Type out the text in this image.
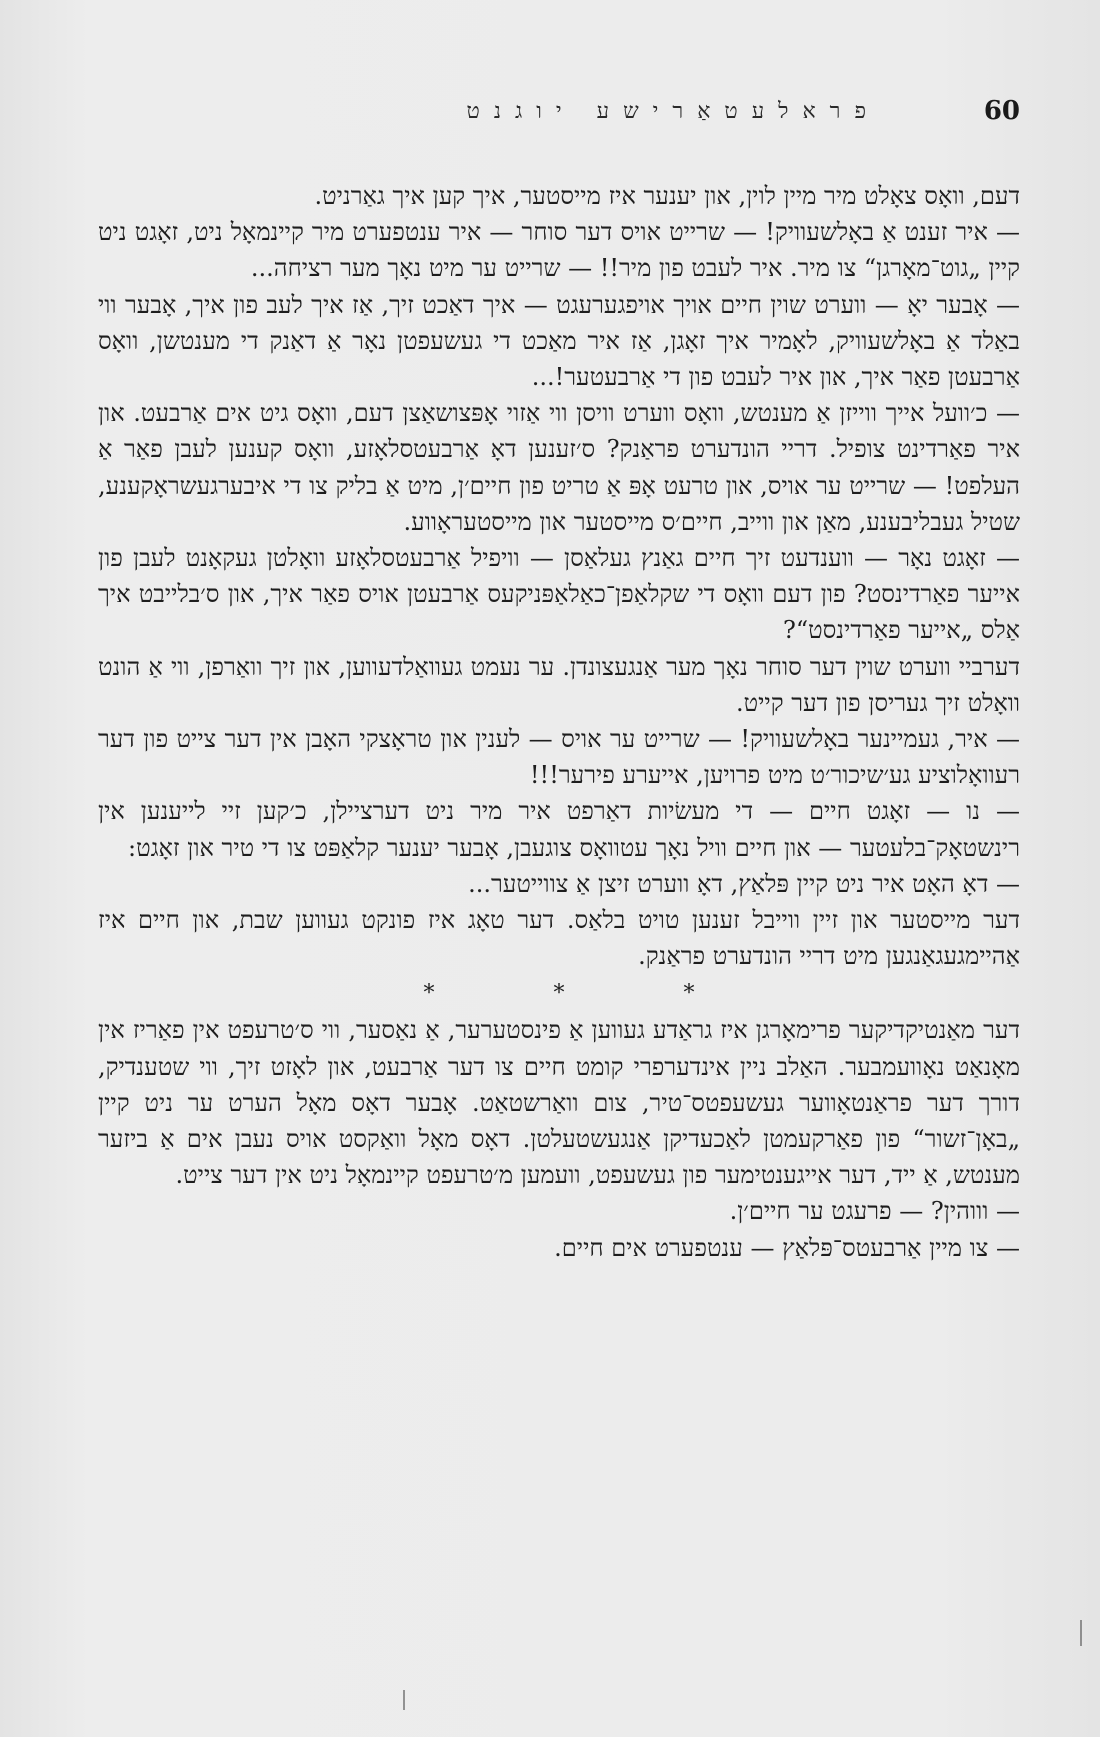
פראלעטאַרישע יוגנט	60

דעם, וואָס צאָלט מיר מיין לוין, און יענער איז מייסטער, איך קען איך גאַרניט.

— איר זענט אַ באָלשעוויק! — שרייט אויס דער סוחר — איר ענטפערט מיר קיינמאָל ניט, זאָגט ניט קיין „גוט־מאָרגן“ צו מיר. איר לעבט פון מיר!! — שרייט ער מיט נאָך מער רציחה...

— אָבער יאָ — ווערט שוין חיים אויך אויפגערעגט — איך דאַכט זיך, אַז איך לעב פון איך, אָבער ווי באַלד אַ באָלשעוויק, לאָמיר איך זאָגן, אַז איר מאַכט די געשעפטן נאָר אַ דאַנק די מענטשן, וואָס אַרבעטן פאַר איך, און איר לעבט פון די אַרבעטער!...

— כ׳וועל אייך ווייזן אַ מענטש, וואָס ווערט וויסן ווי אַזוי אָפּצושאַצן דעם, וואָס גיט אים אַרבעט. און איר פאַרדינט צופיל. דריי הונדערט פראַנק? ס׳זענען דאָ אַרבעטסלאָזע, וואָס קענען לעבן פאַר אַ העלפט! — שרייט ער אויס, און טרעט אָפּ אַ טריט פון חיים׳ן, מיט אַ בליק צו די איבערגעשראָקענע, שטיל געבליבענע, מאַן און ווייב, חיים׳ס מייסטער און מייסטעראָווע.

— זאָגט נאָר — ווענדעט זיך חיים גאַנץ געלאַסן — וויפיל אַרבעטסלאָזע וואָלטן געקאָנט לעבן פון אייער פאַרדינסט? פון דעם וואָס די שקלאַפן־כאַלאַפּניקעס אַרבעטן אויס פאַר איך, און ס׳בלייבט איך אַלס „אייער פאַרדינסט“?

דערביי ווערט שוין דער סוחר נאָך מער אַנגעצונדן. ער נעמט געוואַלדעווען, און זיך וואַרפן, ווי אַ הונט וואָלט זיך געריסן פון דער קייט.

— איר, געמיינער באָלשעוויק! — שרייט ער אויס — לענין און טראָצקי האָבן אין דער צייט פון דער רעוואָלוציע גע׳שיכור׳ט מיט פרויען, אייערע פירער!!!

— נו — זאָגט חיים — די מעשׂיות דאַרפט איר מיר ניט דערציילן, כ׳קען זיי לייענען אין רינשטאָק־בלעטער — און חיים וויל נאָך עטוואָס צוגעבן, אָבער יענער קלאַפּט צו די טיר און זאָגט:

— דאָ האָט איר ניט קיין פּלאַץ, דאָ ווערט זיצן אַ צווייטער...

דער מייסטער און זיין ווייבל זענען טויט בלאַס. דער טאָג איז פונקט געווען שבת, און חיים איז אַהיימגעגאַנגען מיט דריי הונדערט פראַנק.

* * *

דער מאַנטיקדיקער פרימאָרגן איז גראַדע געווען אַ פינסטערער, אַ נאַסער, ווי ס׳טרעפט אין פאַריז אין מאָנאַט נאָוועמבער. האַלב ניין אינדערפרי קומט חיים צו דער אַרבעט, און לאָזט זיך, ווי שטענדיק, דורך דער פראַנטאָווער געשעפטס־טיר, צום וואַרשטאַט. אָבער דאָס מאָל הערט ער ניט קיין „באָן־זשור“ פון פאַרקעמטן לאַכעדיקן אַנגעשטעלטן. דאָס מאָל וואַקסט אויס נעבן אים אַ ביזער מענטש, אַ ייד, דער אייגענטימער פון געשעפט, וועמען מ׳טרעפט קיינמאָל ניט אין דער צייט.

— וווהין? — פרעגט ער חיים׳ן.

— צו מיין אַרבעטס־פּלאַץ — ענטפערט אים חיים.
